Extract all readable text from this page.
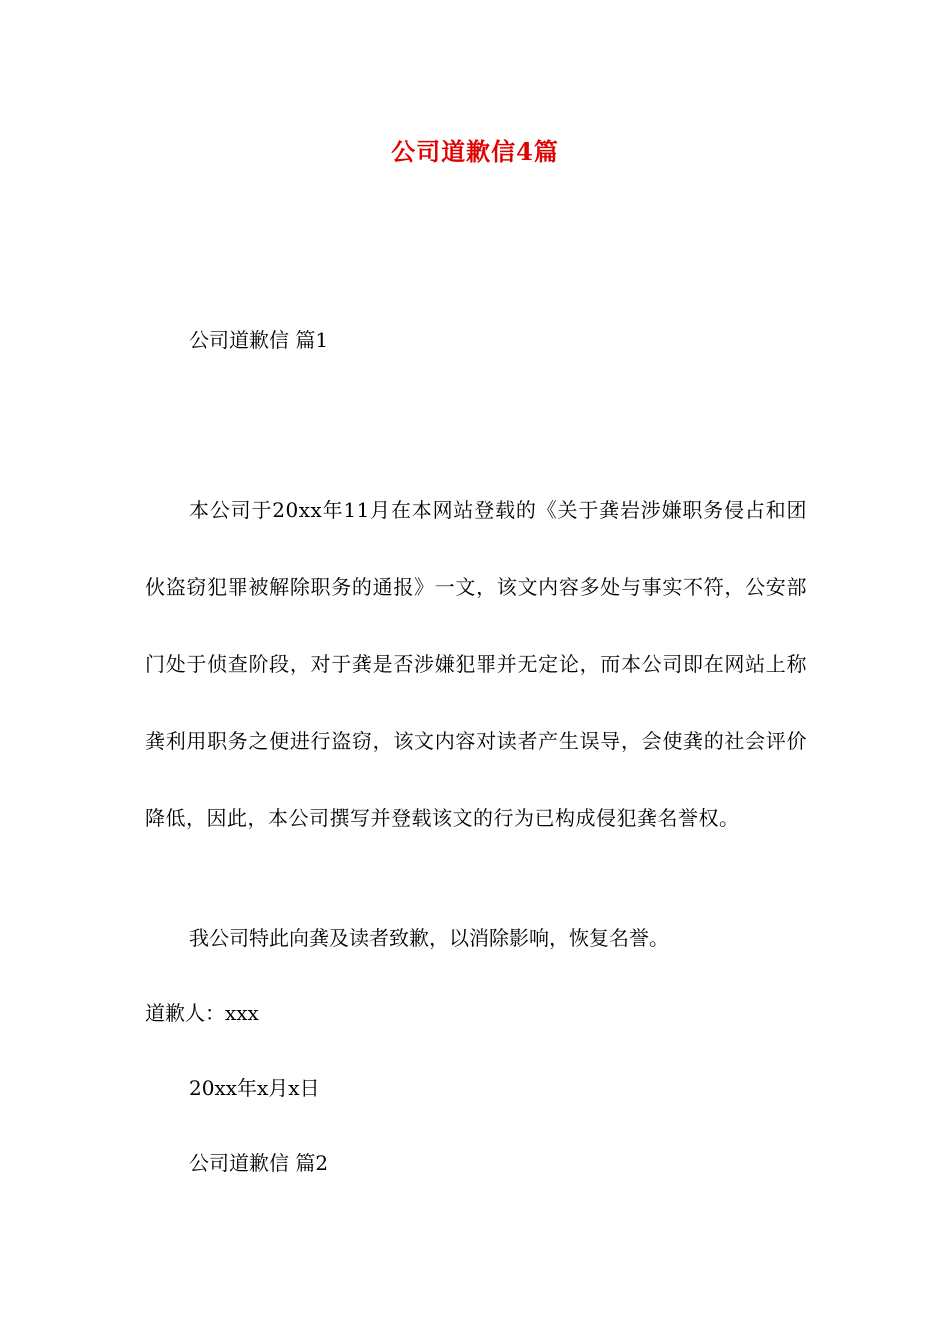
公司道歉信4篇
公司道歉信 篇1
本公司于20xx年11月在本网站登载的《关于龚岩涉嫌职务侵占和团伙盗窃犯罪被解除职务的通报》一文，该文内容多处与事实不符，公安部门处于侦查阶段，对于龚是否涉嫌犯罪并无定论，而本公司即在网站上称龚利用职务之便进行盗窃，该文内容对读者产生误导，会使龚的社会评价降低，因此，本公司撰写并登载该文的行为已构成侵犯龚名誉权。
我公司特此向龚及读者致歉，以消除影响，恢复名誉。
道歉人：xxx
20xx年x月x日
公司道歉信 篇2
